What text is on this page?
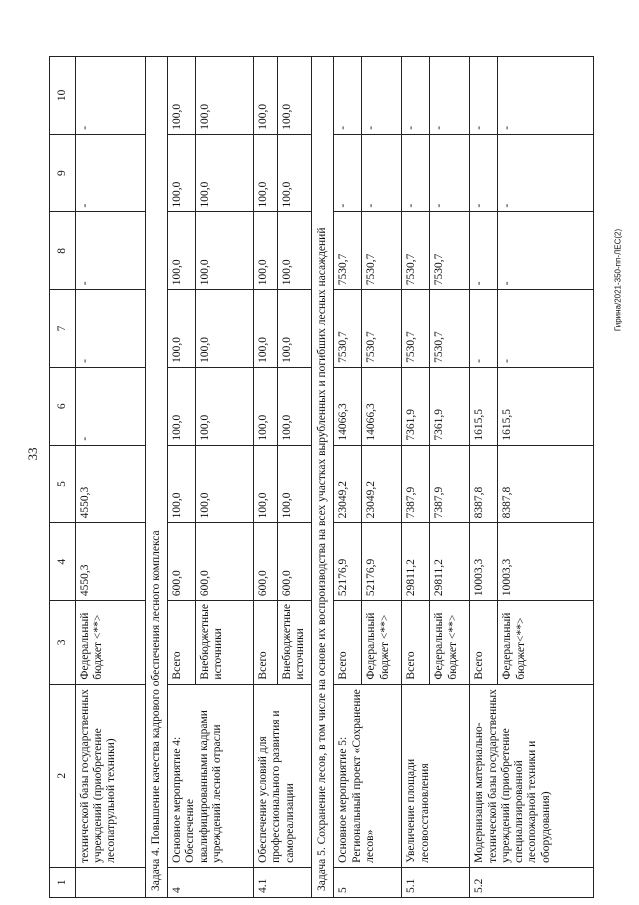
33
Гирина/2021-350-пп-ЛЕС(2)
1	2	3	4	5	6	7	8	9	10
	технической базы государственных учреждений (приобретение лесопатрульной техники)	Федеральный бюджет <**>	4550,3	4550,3	-	-	-	-	-
Задача 4. Повышение качества кадрового обеспечения лесного комплекса									
4	Основное мероприятие 4: Обеспечение квалифицированными кадрами учреждений лесной отрасли	Всего	600,0	100,0	100,0	100,0	100,0	100,0	100,0
		Внебюджетные источники	600,0	100,0	100,0	100,0	100,0	100,0	100,0
4.1	Обеспечение условий для профессионального развития и самореализации	Всего	600,0	100,0	100,0	100,0	100,0	100,0	100,0
		Внебюджетные источники	600,0	100,0	100,0	100,0	100,0	100,0	100,0
Задача 5. Сохранение лесов, в том числе на основе их воспроизводства на всех участках вырубленных и погибших лесных насаждений									
5	Основное мероприятие 5: Региональный проект «Сохранение лесов»	Всего	52176,9	23049,2	14066,3	7530,7	7530,7	-	-
		Федеральный бюджет <**>	52176,9	23049,2	14066,3	7530,7	7530,7	-	-
5.1	Увеличение площади лесовосстановления	Всего	29811,2	7387,9	7361,9	7530,7	7530,7	-	-
		Федеральный бюджет <**>	29811,2	7387,9	7361,9	7530,7	7530,7	-	-
5.2	Модернизация материально-технической базы государственных учреждений (приобретение специализированной лесопожарной техники и оборудования)	Всего	10003,3	8387,8	1615,5	-	-	-	-
		Федеральный бюджет<**>	10003,3	8387,8	1615,5	-	-	-	-
